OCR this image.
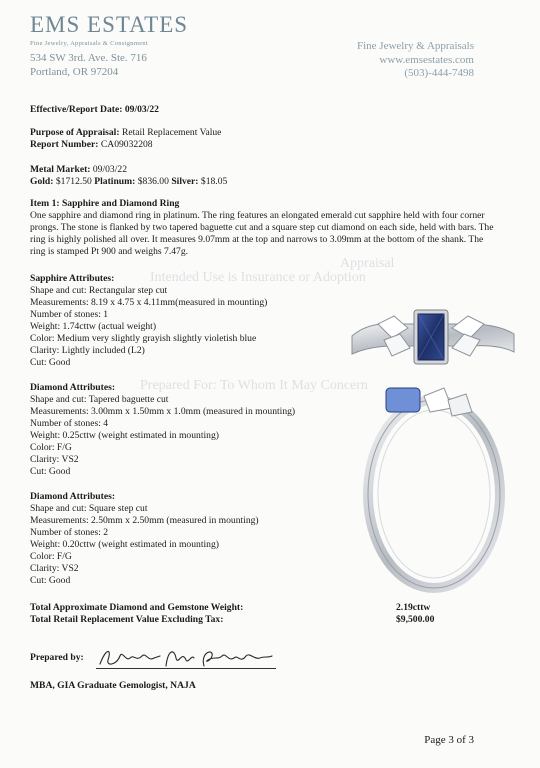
EMS ESTATES
Fine Jewelry, Appraisals & Consignment
534 SW 3rd. Ave. Ste. 716
Portland, OR 97204
Fine Jewelry & Appraisals
www.emsestates.com
(503)-444-7498
Appraisal
Intended Use is Insurance or Adoption
Prepared For: To Whom It May Concern
Effective/Report Date: 09/03/22
Purpose of Appraisal: Retail Replacement Value
Report Number: CA09032208
Metal Market: 09/03/22
Gold: $1712.50 Platinum: $836.00 Silver: $18.05
Item 1: Sapphire and Diamond Ring
One sapphire and diamond ring in platinum. The ring features an elongated emerald cut sapphire held with four corner prongs. The stone is flanked by two tapered baguette cut and a square step cut diamond on each side, held with bars. The ring is highly polished all over. It measures 9.07mm at the top and narrows to 3.09mm at the bottom of the shank. The ring is stamped Pt 900 and weighs 7.47g.
Sapphire Attributes:
Shape and cut: Rectangular step cut
Measurements: 8.19 x 4.75 x 4.11mm(measured in mounting)
Number of stones: 1
Weight: 1.74cttw (actual weight)
Color: Medium very slightly grayish slightly violetish blue
Clarity: Lightly included (L2)
Cut: Good
Diamond Attributes:
Shape and cut: Tapered baguette cut
Measurements: 3.00mm x 1.50mm x 1.0mm (measured in mounting)
Number of stones: 4
Weight: 0.25cttw (weight estimated in mounting)
Color: F/G
Clarity: VS2
Cut: Good
Diamond Attributes:
Shape and cut: Square step cut
Measurements: 2.50mm x 2.50mm (measured in mounting)
Number of stones: 2
Weight: 0.20cttw (weight estimated in mounting)
Color: F/G
Clarity: VS2
Cut: Good
Total Approximate Diamond and Gemstone Weight:	2.19cttw
Total Retail Replacement Value Excluding Tax:	$9,500.00
Prepared by:
MBA, GIA Graduate Gemologist, NAJA
Page 3 of 3
